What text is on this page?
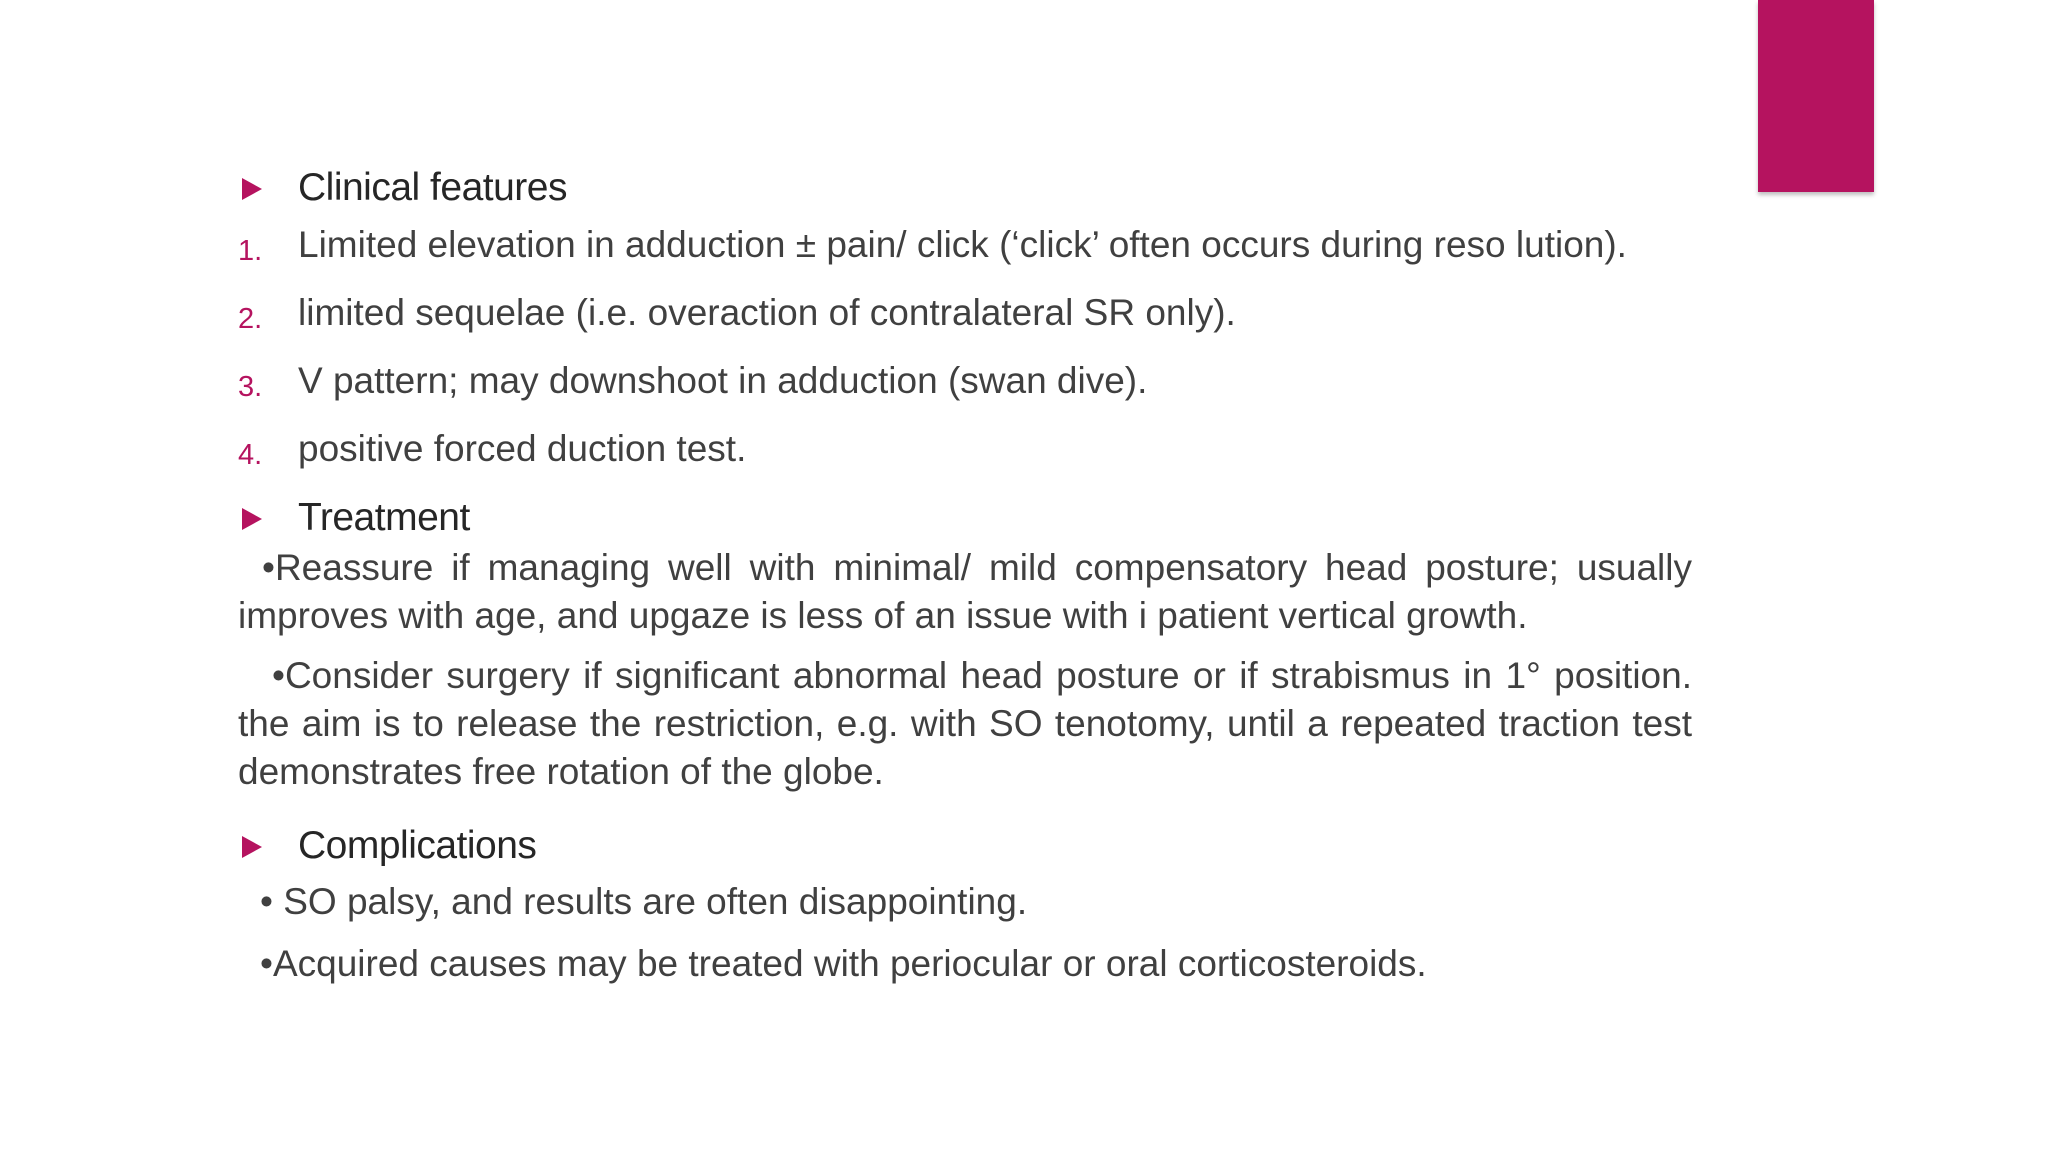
Clinical features
1. Limited elevation in adduction ± pain/ click (‘click’ often occurs during reso lution).
2. limited sequelae (i.e. overaction of contralateral SR only).
3. V pattern; may downshoot in adduction (swan dive).
4. positive forced duction test.
Treatment

•Reassure if managing well with minimal/ mild compensatory head posture; usually improves with age, and upgaze is less of an issue with i patient vertical growth.

•Consider surgery if significant abnormal head posture or if strabismus in 1° position. the aim is to release the restriction, e.g. with SO tenotomy, until a repeated traction test demonstrates free rotation of the globe.

Complications

• SO palsy, and results are often disappointing.

•Acquired causes may be treated with periocular or oral corticosteroids.
